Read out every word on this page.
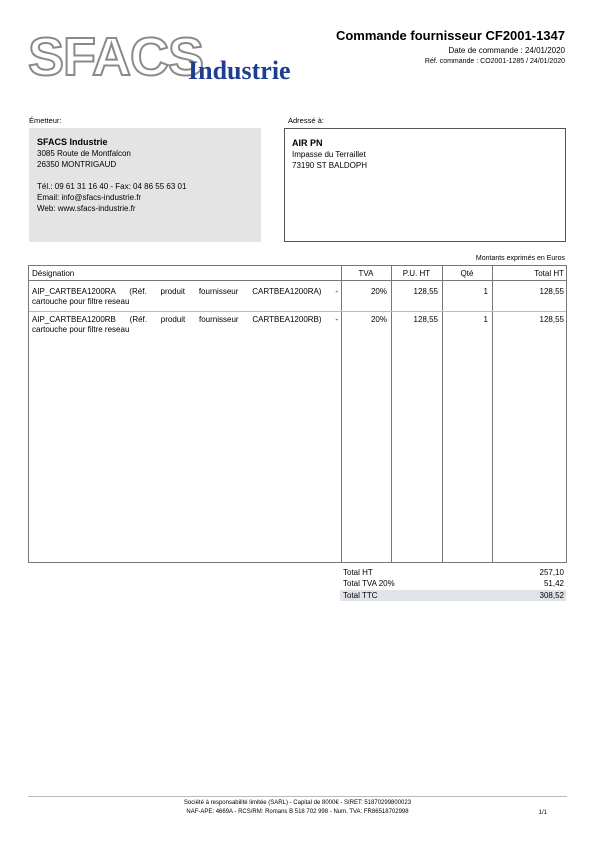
SFACS
Industrie
Commande fournisseur CF2001-1347
Date de commande : 24/01/2020
Réf. commande : CO2001-1285 / 24/01/2020
Émetteur:	Adressé à:
SFACS Industrie
3085 Route de Montfalcon
26350 MONTRIGAUD
Tél.: 09 61 31 16 40 - Fax: 04 86 55 63 01
Email: info@sfacs-industrie.fr
Web: www.sfacs-industrie.fr
AIR PN
Impasse du Terraillet
73190 ST BALDOPH
Montants exprimés en Euros
Désignation	TVA	P.U. HT	Qté	Total HT
AIP_CARTBEA1200RA (Réf. produit fournisseur CARTBEA1200RA) -
cartouche pour filtre reseau
20%	128,55	1	128,55
AIP_CARTBEA1200RB (Réf. produit fournisseur CARTBEA1200RB) -
cartouche pour filtre reseau
20%	128,55	1	128,55
Total HT	257,10
Total TVA 20%	51,42
Total TTC	308,52
Société à responsabilité limitée (SARL) - Capital de 8000€ - SIRET: 51870299800023
NAF-APE: 4669A - RCS/RM: Romans B 518 702 998 - Num. TVA: FR86518702998	1/1
